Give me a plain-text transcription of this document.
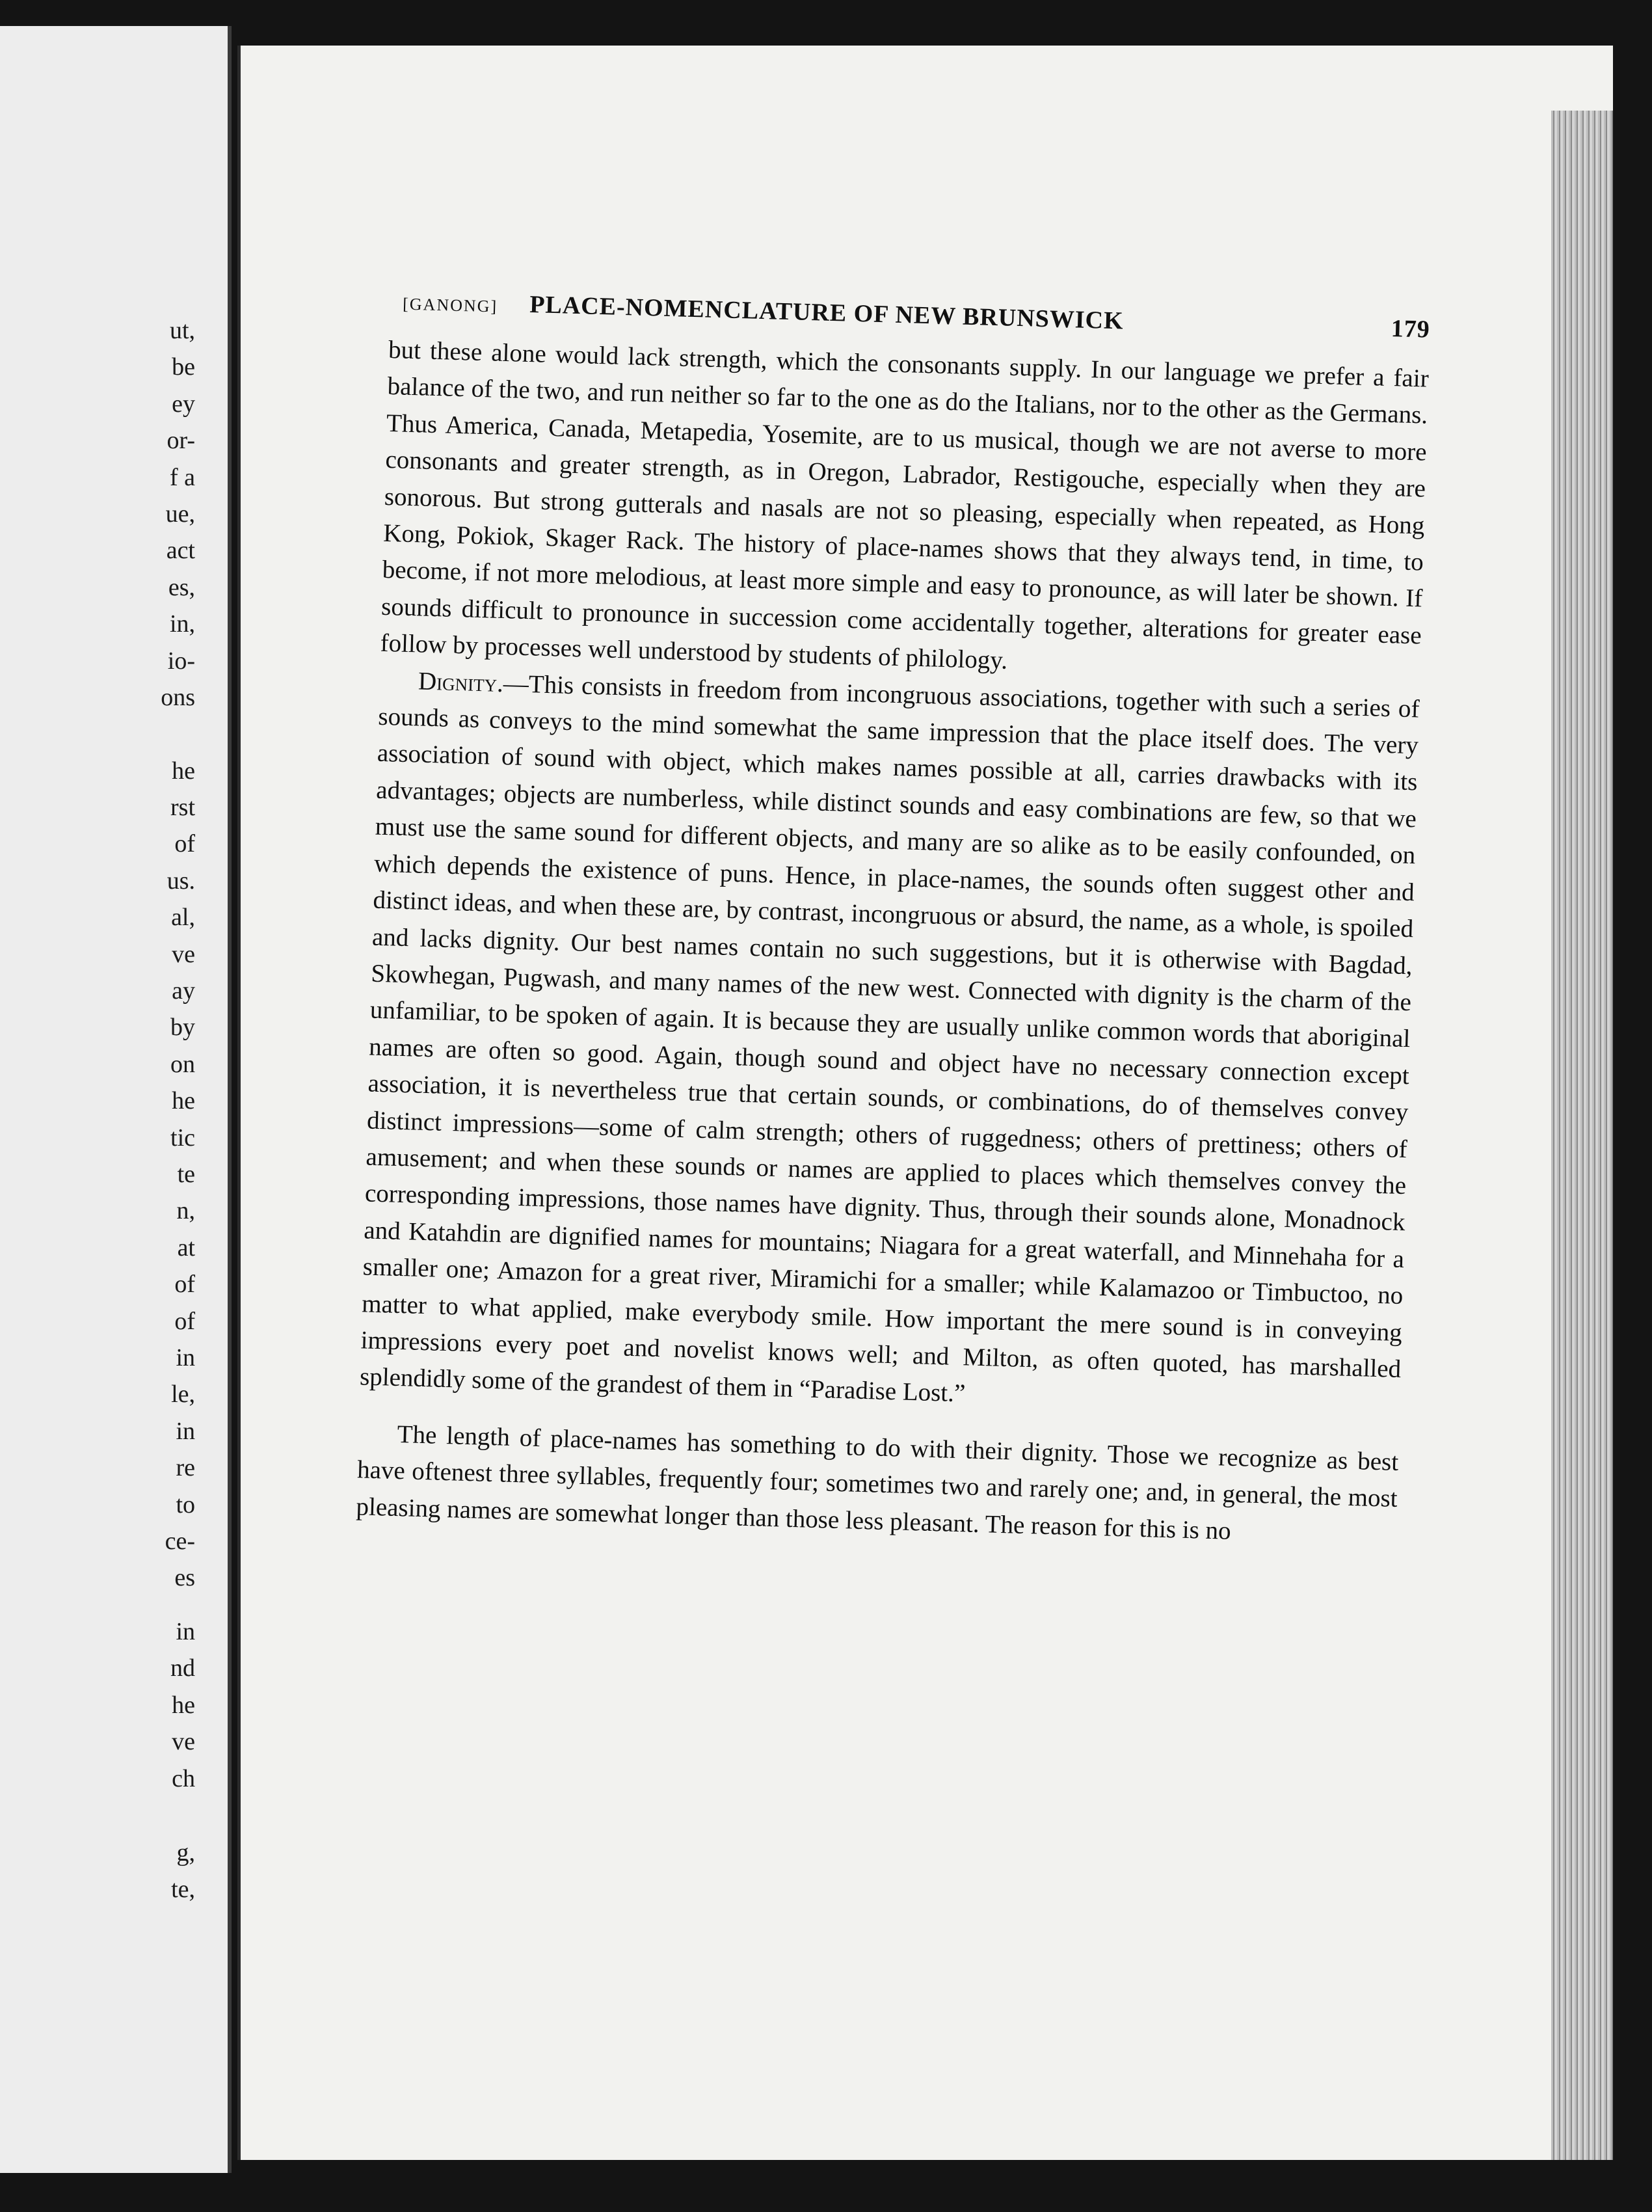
ut,
be
ey
or-
f a
ue,
act
es,
in,
io-
ons
he
rst
of
us.
al,
ve
ay
by
on
he
tic
te
n,
at
of
of
in
le,
in
re
to
ce-
es
in
nd
he
ve
ch
g,
te,
[GANONG] PLACE-NOMENCLATURE OF NEW BRUNSWICK	179

but these alone would lack strength, which the consonants supply. In our language we prefer a fair balance of the two, and run neither so far to the one as do the Italians, nor to the other as the Germans. Thus America, Canada, Metapedia, Yosemite, are to us musical, though we are not averse to more consonants and greater strength, as in Oregon, Labrador, Restigouche, especially when they are sonorous. But strong gutterals and nasals are not so pleasing, especially when repeated, as Hong Kong, Pokiok, Skager Rack. The history of place-names shows that they always tend, in time, to become, if not more melodious, at least more simple and easy to pronounce, as will later be shown. If sounds difficult to pronounce in succession come accidentally together, alterations for greater ease follow by processes well understood by students of philology.

Dignity.—This consists in freedom from incongruous associations, together with such a series of sounds as conveys to the mind somewhat the same impression that the place itself does. The very association of sound with object, which makes names possible at all, carries drawbacks with its advantages; objects are numberless, while distinct sounds and easy combinations are few, so that we must use the same sound for different objects, and many are so alike as to be easily confounded, on which depends the existence of puns. Hence, in place-names, the sounds often suggest other and distinct ideas, and when these are, by contrast, incongruous or absurd, the name, as a whole, is spoiled and lacks dignity. Our best names contain no such suggestions, but it is otherwise with Bagdad, Skowhegan, Pugwash, and many names of the new west. Connected with dignity is the charm of the unfamiliar, to be spoken of again. It is because they are usually unlike common words that aboriginal names are often so good. Again, though sound and object have no necessary connection except association, it is nevertheless true that certain sounds, or combinations, do of themselves convey distinct impressions—some of calm strength; others of ruggedness; others of prettiness; others of amusement; and when these sounds or names are applied to places which themselves convey the corresponding impressions, those names have dignity. Thus, through their sounds alone, Monadnock and Katahdin are dignified names for mountains; Niagara for a great waterfall, and Minnehaha for a smaller one; Amazon for a great river, Miramichi for a smaller; while Kalamazoo or Timbuctoo, no matter to what applied, make everybody smile. How important the mere sound is in conveying impressions every poet and novelist knows well; and Milton, as often quoted, has marshalled splendidly some of the grandest of them in “Paradise Lost.”

The length of place-names has something to do with their dignity. Those we recognize as best have oftenest three syllables, frequently four; sometimes two and rarely one; and, in general, the most pleasing names are somewhat longer than those less pleasant. The reason for this is no
